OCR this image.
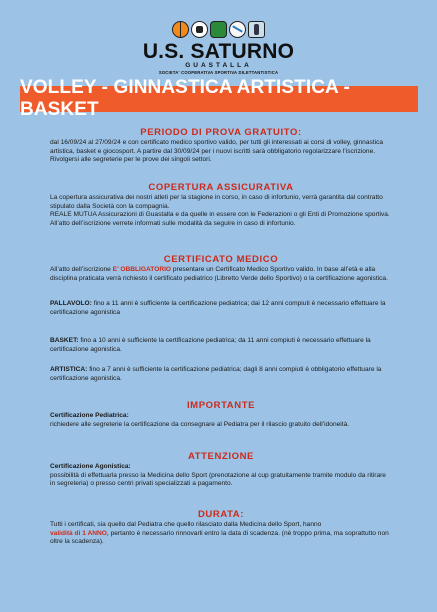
U.S. SATURNO
GUASTALLA
SOCIETA' COOPERATIVA SPORTIVA DILETTANTISTICA
VOLLEY - GINNASTICA ARTISTICA - BASKET
PERIODO DI PROVA GRATUITO:

dal 16/09/24 al 27/09/24 e con certificato medico sportivo valido, per tutti gli interessati ai corsi di volley, ginnastica artistica, basket e giocosport. A partire dal 30/09/24 per i nuovi iscritti sarà obbligatorio regolarizzare l’iscrizione. Rivolgersi alle segreterie per le prove dei singoli settori.

COPERTURA ASSICURATIVA

La copertura assicurativa dei nostri atleti per la stagione in corso, in caso di infortunio, verrà garantita dal contratto stipulato dalla Società con la compagnia.

REALE MUTUA Assicurazioni di Guastalla e da quelle in essere con le Federazioni o gli Enti di Promozione sportiva.

All’atto dell’iscrizione verrete informati sulle modalità da seguire in caso di infortunio.

CERTIFICATO MEDICO

All’atto dell’iscrizione E’ OBBLIGATORIO presentare un Certificato Medico Sportivo valido. In base all’età e alla disciplina praticata verrà richiesto il certificato pediatrico (Libretto Verde dello Sportivo) o la certificazione agonistica.

PALLAVOLO: fino a 11 anni è sufficiente la certificazione pediatrica; dai 12 anni compiuti è necessario effettuare la certificazione agonistica

BASKET: fino a 10 anni è sufficiente la certificazione pediatrica; da 11 anni compiuti è necessario effettuare la certificazione agonistica.

ARTISTICA: fino a 7 anni è sufficiente la certificazione pediatrica; dagli 8 anni compiuti è obbligatorio effettuare la certificazione agonistica.

IMPORTANTE

Certificazione Pediatrica:
richiedere alle segreterie la certificazione da consegnare al Pediatra per il rilascio gratuito dell’idoneità.

ATTENZIONE

Certificazione Agonistica:
possibilità di effettuarla presso la Medicina dello Sport (prenotazione al cup gratuitamente tramite modulo da ritirare in segreteria) o presso centri privati specializzati a pagamento.

DURATA:

Tutti i certificati, sia quello dal Pediatra che quello rilasciato dalla Medicina dello Sport, hanno
validità di 1 ANNO, pertanto è necessario rinnovarli entro la data di scadenza. (nè troppo prima, ma soprattutto non oltre la scadenza).
